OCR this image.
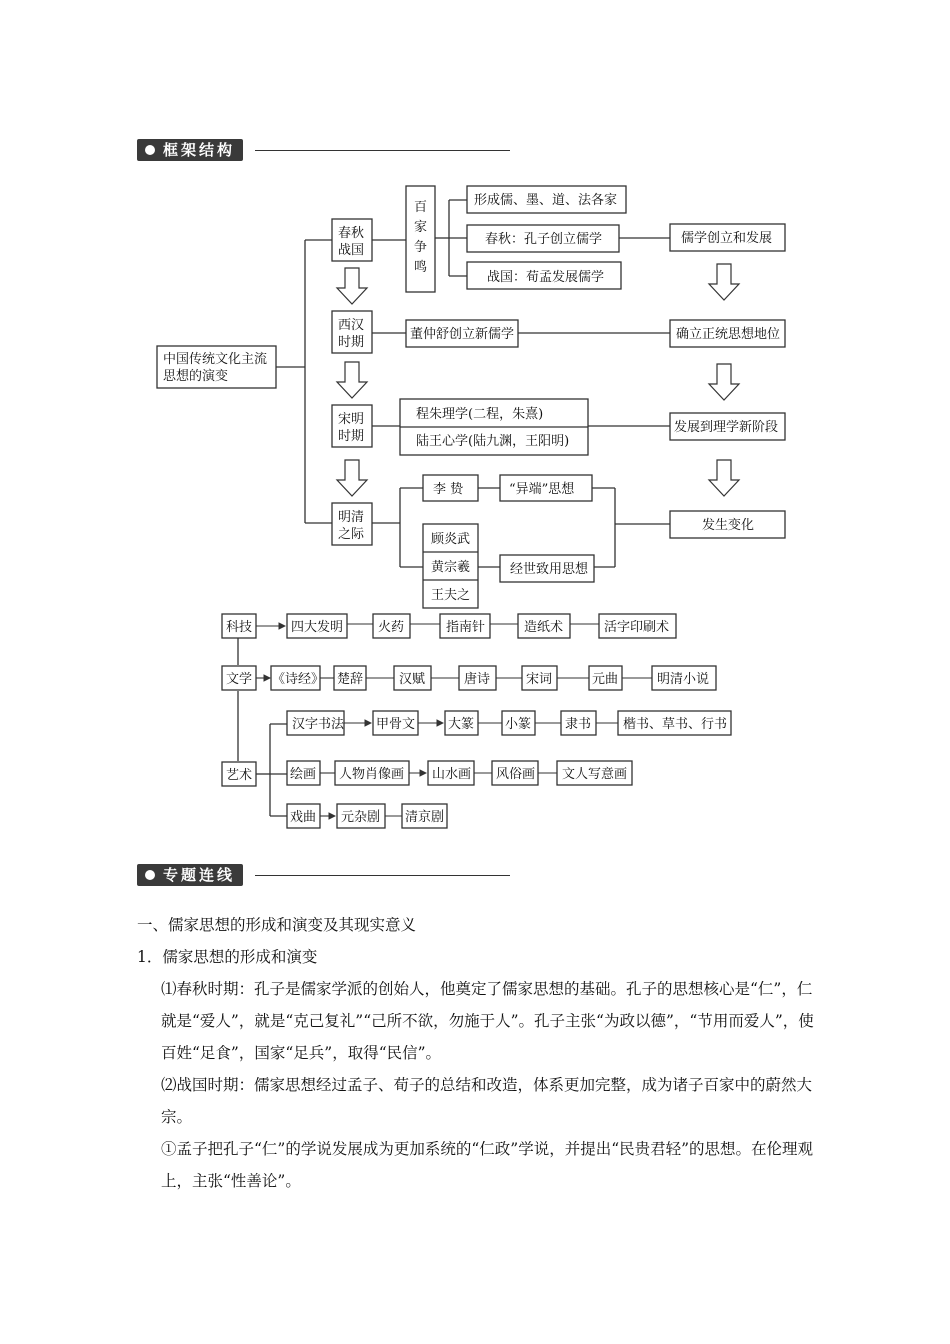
框架结构
中国传统文化主流
思想的演变
春秋
战国
西汉
时期
宋明
时期
明清
之际
百
家
争
鸣
形成儒、墨、道、法各家
春秋：孔子创立儒学
战国：荀孟发展儒学
儒学创立和发展
董仲舒创立新儒学	确立正统思想地位
程朱理学(二程，朱熹)
陆王心学(陆九渊，王阳明)
发展到理学新阶段
李 贽	“异端”思想
顾炎武
黄宗羲
王夫之
经世致用思想
发生变化
科技	四大发明	火药	指南针	造纸术	活字印刷术
文学 《诗经》 楚辞	汉赋	唐诗	宋词	元曲	明清小说
汉字书法 甲骨文	大篆 小篆	隶书 楷书、草书、行书
艺术	绘画 人物肖像画 山水画 风俗画 文人写意画
戏曲 元杂剧 清京剧
专题连线

一、儒家思想的形成和演变及其现实意义

1．儒家思想的形成和演变

⑴春秋时期：孔子是儒家学派的创始人，他奠定了儒家思想的基础。孔子的思想核心是“仁”，仁就是“爱人”，就是“克己复礼”“己所不欲，勿施于人”。孔子主张“为政以德”，“节用而爱人”，使百姓“足食”，国家“足兵”，取得“民信”。

⑵战国时期：儒家思想经过孟子、荀子的总结和改造，体系更加完整，成为诸子百家中的蔚然大宗。

①孟子把孔子“仁”的学说发展成为更加系统的“仁政”学说，并提出“民贵君轻”的思想。在伦理观上，主张“性善论”。
